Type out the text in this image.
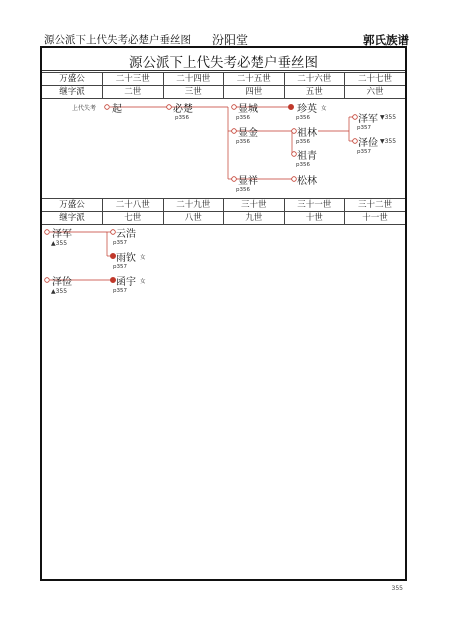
源公派下上代失考必楚户垂丝图 汾阳堂	郭氏族谱
源公派下上代失考必楚户垂丝图
万盛公	二十三世	二十四世	二十五世	二十六世	二十七世
继字派	二世	三世	四世	五世	六世
万盛公	二十八世	二十九世	三十世	三十一世	三十二世
继字派	七世	八世	九世	十世	十一世
上代失考 起	必楚
p356
显城
p356
显金
p356
显祥
p356
珍英 女
p356
祖林
p356
祖青
p356
松林
泽军 ▼355
p357
泽俭 ▼355
p357
泽军
▲355
云浩
p357
雨钦 女
p357
泽俭
▲355
函宇 女
p357
355
